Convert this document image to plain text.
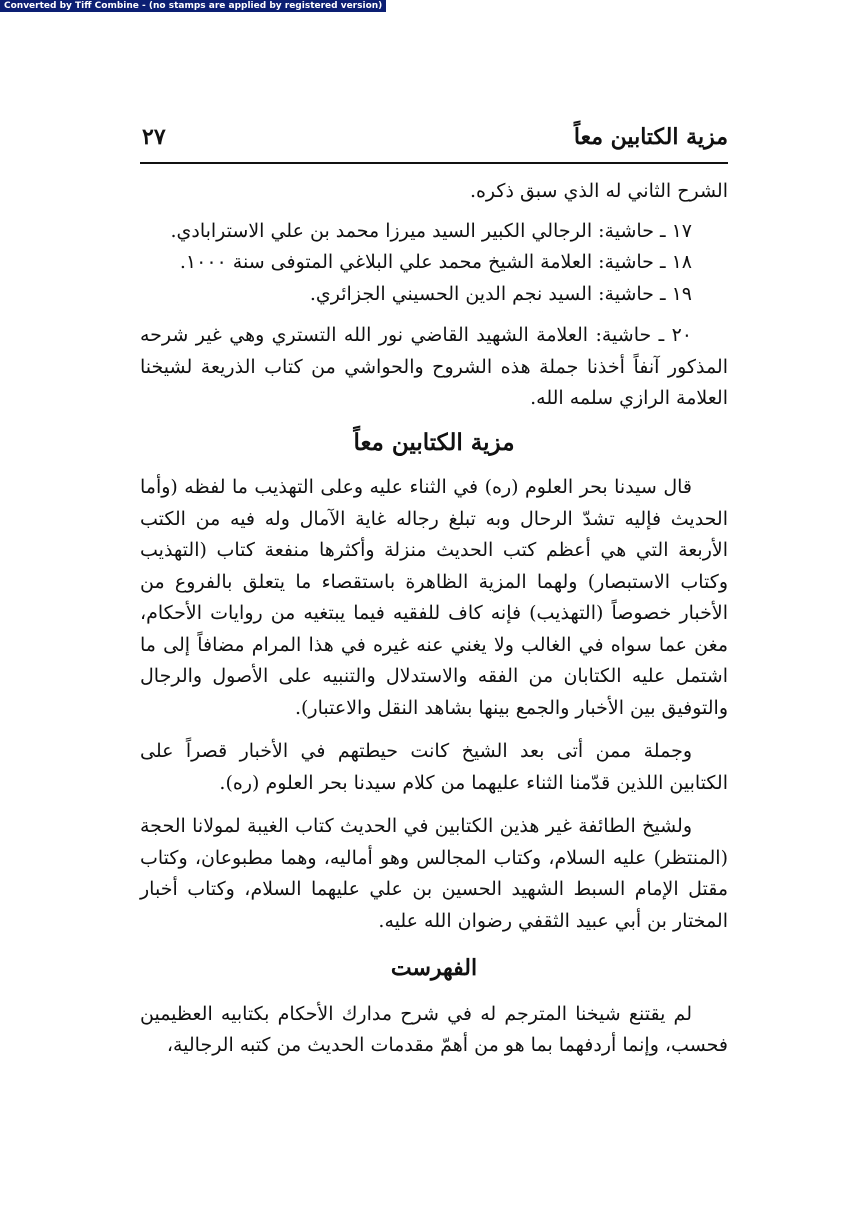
Converted by Tiff Combine - (no stamps are applied by registered version)
مزية الكتابين معاً
٢٧

الشرح الثاني له الذي سبق ذكره.

١٧ ـ حاشية: الرجالي الكبير السيد ميرزا محمد بن علي الاسترابادي.

١٨ ـ حاشية: العلامة الشيخ محمد علي البلاغي المتوفى سنة ١٠٠٠.

١٩ ـ حاشية: السيد نجم الدين الحسيني الجزائري.

٢٠ ـ حاشية: العلامة الشهيد القاضي نور الله التستري وهي غير شرحه المذكور آنفاً أخذنا جملة هذه الشروح والحواشي من كتاب الذريعة لشيخنا العلامة الرازي سلمه الله.

مزية الكتابين معاً

قال سيدنا بحر العلوم (ره) في الثناء عليه وعلى التهذيب ما لفظه (وأما الحديث فإليه تشدّ الرحال وبه تبلغ رجاله غاية الآمال وله فيه من الكتب الأربعة التي هي أعظم كتب الحديث منزلة وأكثرها منفعة كتاب (التهذيب وكتاب الاستبصار) ولهما المزية الظاهرة باستقصاء ما يتعلق بالفروع من الأخبار خصوصاً (التهذيب) فإنه كاف للفقيه فيما يبتغيه من روايات الأحكام، مغن عما سواه في الغالب ولا يغني عنه غيره في هذا المرام مضافاً إلى ما اشتمل عليه الكتابان من الفقه والاستدلال والتنبيه على الأصول والرجال والتوفيق بين الأخبار والجمع بينها بشاهد النقل والاعتبار).

وجملة ممن أتى بعد الشيخ كانت حيطتهم في الأخبار قصراً على الكتابين اللذين قدّمنا الثناء عليهما من كلام سيدنا بحر العلوم (ره).

ولشيخ الطائفة غير هذين الكتابين في الحديث كتاب الغيبة لمولانا الحجة (المنتظر) عليه السلام، وكتاب المجالس وهو أماليه، وهما مطبوعان، وكتاب مقتل الإمام السبط الشهيد الحسين بن علي عليهما السلام، وكتاب أخبار المختار بن أبي عبيد الثقفي رضوان الله عليه.

الفهرست

لم يقتنع شيخنا المترجم له في شرح مدارك الأحكام بكتابيه العظيمين فحسب، وإنما أردفهما بما هو من أهمّ مقدمات الحديث من كتبه الرجالية،
